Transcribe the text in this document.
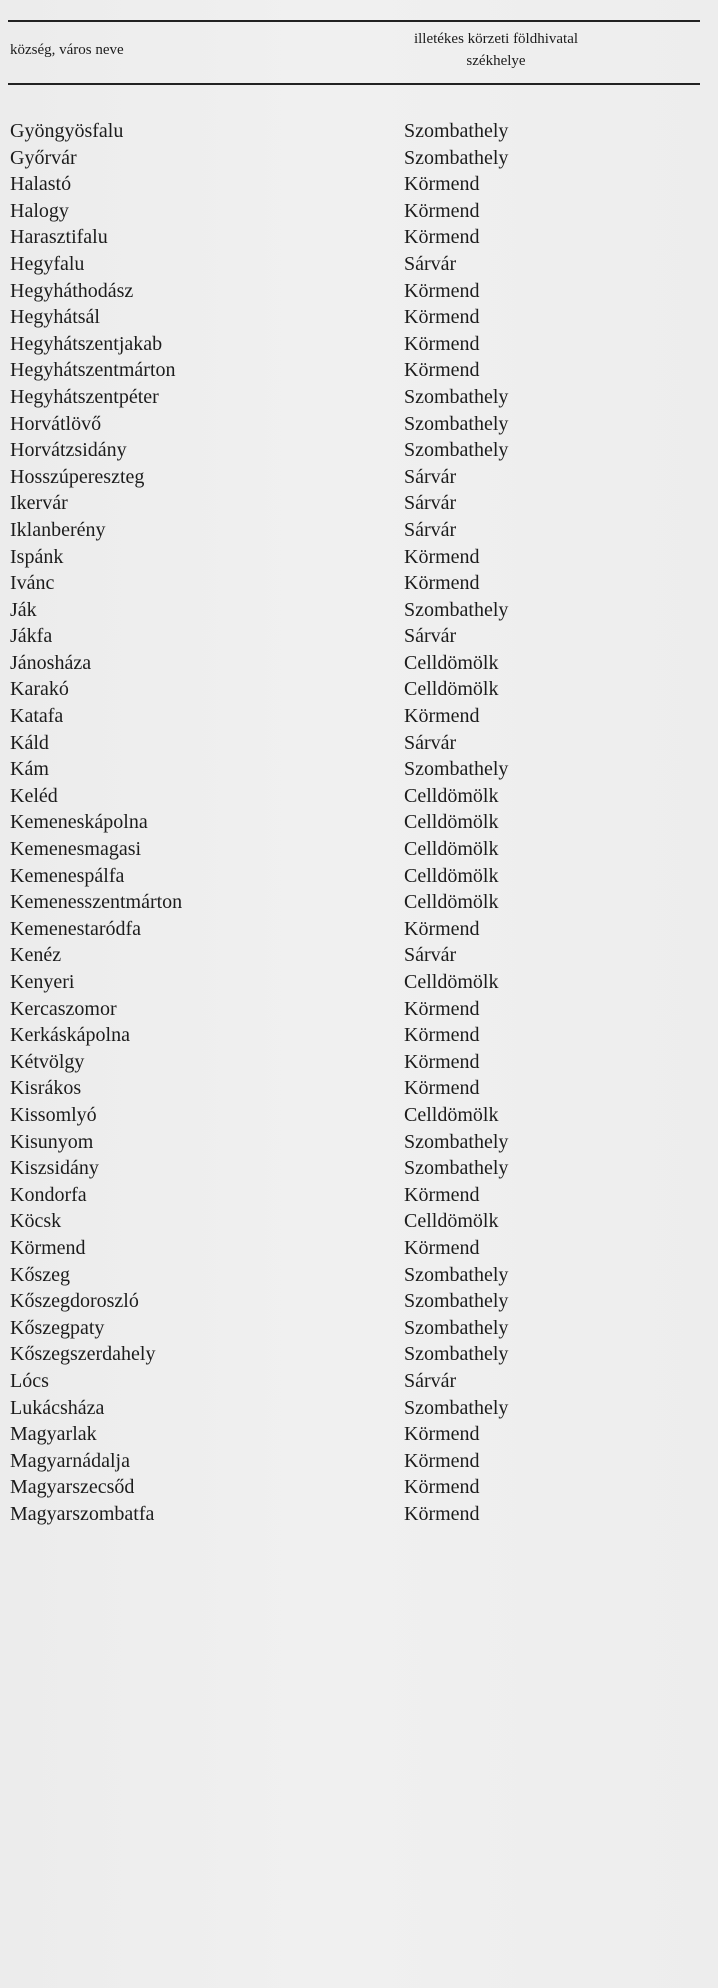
község, város neve
illetékes körzeti földhivatal
székhelye
Gyöngyösfalu	Szombathely
Győrvár	Szombathely
Halastó	Körmend
Halogy	Körmend
Harasztifalu	Körmend
Hegyfalu	Sárvár
Hegyháthodász	Körmend
Hegyhátsál	Körmend
Hegyhátszentjakab	Körmend
Hegyhátszentmárton	Körmend
Hegyhátszentpéter	Szombathely
Horvátlövő	Szombathely
Horvátzsidány	Szombathely
Hosszúpereszteg	Sárvár
Ikervár	Sárvár
Iklanberény	Sárvár
Ispánk	Körmend
Ivánc	Körmend
Ják	Szombathely
Jákfa	Sárvár
Jánosháza	Celldömölk
Karakó	Celldömölk
Katafa	Körmend
Káld	Sárvár
Kám	Szombathely
Keléd	Celldömölk
Kemeneskápolna	Celldömölk
Kemenesmagasi	Celldömölk
Kemenespálfa	Celldömölk
Kemenesszentmárton	Celldömölk
Kemenestaródfa	Körmend
Kenéz	Sárvár
Kenyeri	Celldömölk
Kercaszomor	Körmend
Kerkáskápolna	Körmend
Kétvölgy	Körmend
Kisrákos	Körmend
Kissomlyó	Celldömölk
Kisunyom	Szombathely
Kiszsidány	Szombathely
Kondorfa	Körmend
Köcsk	Celldömölk
Körmend	Körmend
Kőszeg	Szombathely
Kőszegdoroszló	Szombathely
Kőszegpaty	Szombathely
Kőszegszerdahely	Szombathely
Lócs	Sárvár
Lukácsháza	Szombathely
Magyarlak	Körmend
Magyarnádalja	Körmend
Magyarszecsőd	Körmend
Magyarszombatfa	Körmend
